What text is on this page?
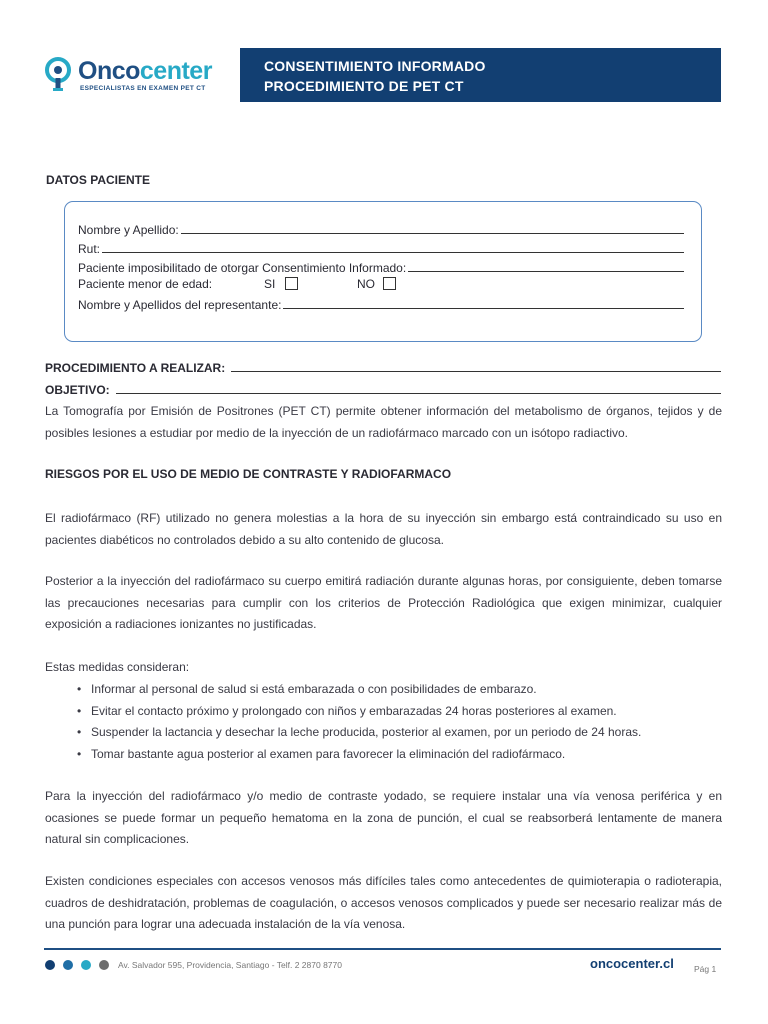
Oncocenter
ESPECIALISTAS EN EXAMEN PET CT
CONSENTIMIENTO INFORMADO
PROCEDIMIENTO DE PET CT
DATOS PACIENTE
Nombre y Apellido:
Rut:
Paciente imposibilitado de otorgar Consentimiento Informado:
Paciente menor de edad:	SI	NO
Nombre y Apellidos del representante:
PROCEDIMIENTO A REALIZAR:
OBJETIVO:

La Tomografía por Emisión de Positrones (PET CT) permite obtener información del metabolismo de órganos, tejidos y de posibles lesiones a estudiar por medio de la inyección de un radiofármaco marcado con un isótopo radiactivo.

RIESGOS POR EL USO DE MEDIO DE CONTRASTE Y RADIOFARMACO

El radiofármaco (RF) utilizado no genera molestias a la hora de su inyección sin embargo está contraindicado su uso en pacientes diabéticos no controlados debido a su alto contenido de glucosa.

Posterior a la inyección del radiofármaco su cuerpo emitirá radiación durante algunas horas, por consiguiente, deben tomarse las precauciones necesarias para cumplir con los criterios de Protección Radiológica que exigen minimizar, cualquier exposición a radiaciones ionizantes no justificadas.

Estas medidas consideran:

• Informar al personal de salud si está embarazada o con posibilidades de embarazo.
• Evitar el contacto próximo y prolongado con niños y embarazadas 24 horas posteriores al examen.
• Suspender la lactancia y desechar la leche producida, posterior al examen, por un periodo de 24 horas.
• Tomar bastante agua posterior al examen para favorecer la eliminación del radiofármaco.

Para la inyección del radiofármaco y/o medio de contraste yodado, se requiere instalar una vía venosa periférica y en ocasiones se puede formar un pequeño hematoma en la zona de punción, el cual se reabsorberá lentamente de manera natural sin complicaciones.

Existen condiciones especiales con accesos venosos más difíciles tales como antecedentes de quimioterapia o radioterapia, cuadros de deshidratación, problemas de coagulación, o accesos venosos complicados y puede ser necesario realizar más de una punción para lograr una adecuada instalación de la vía venosa.

Av. Salvador 595, Providencia, Santiago - Telf. 2 2870 8770	oncocenter.cl Pág 1
